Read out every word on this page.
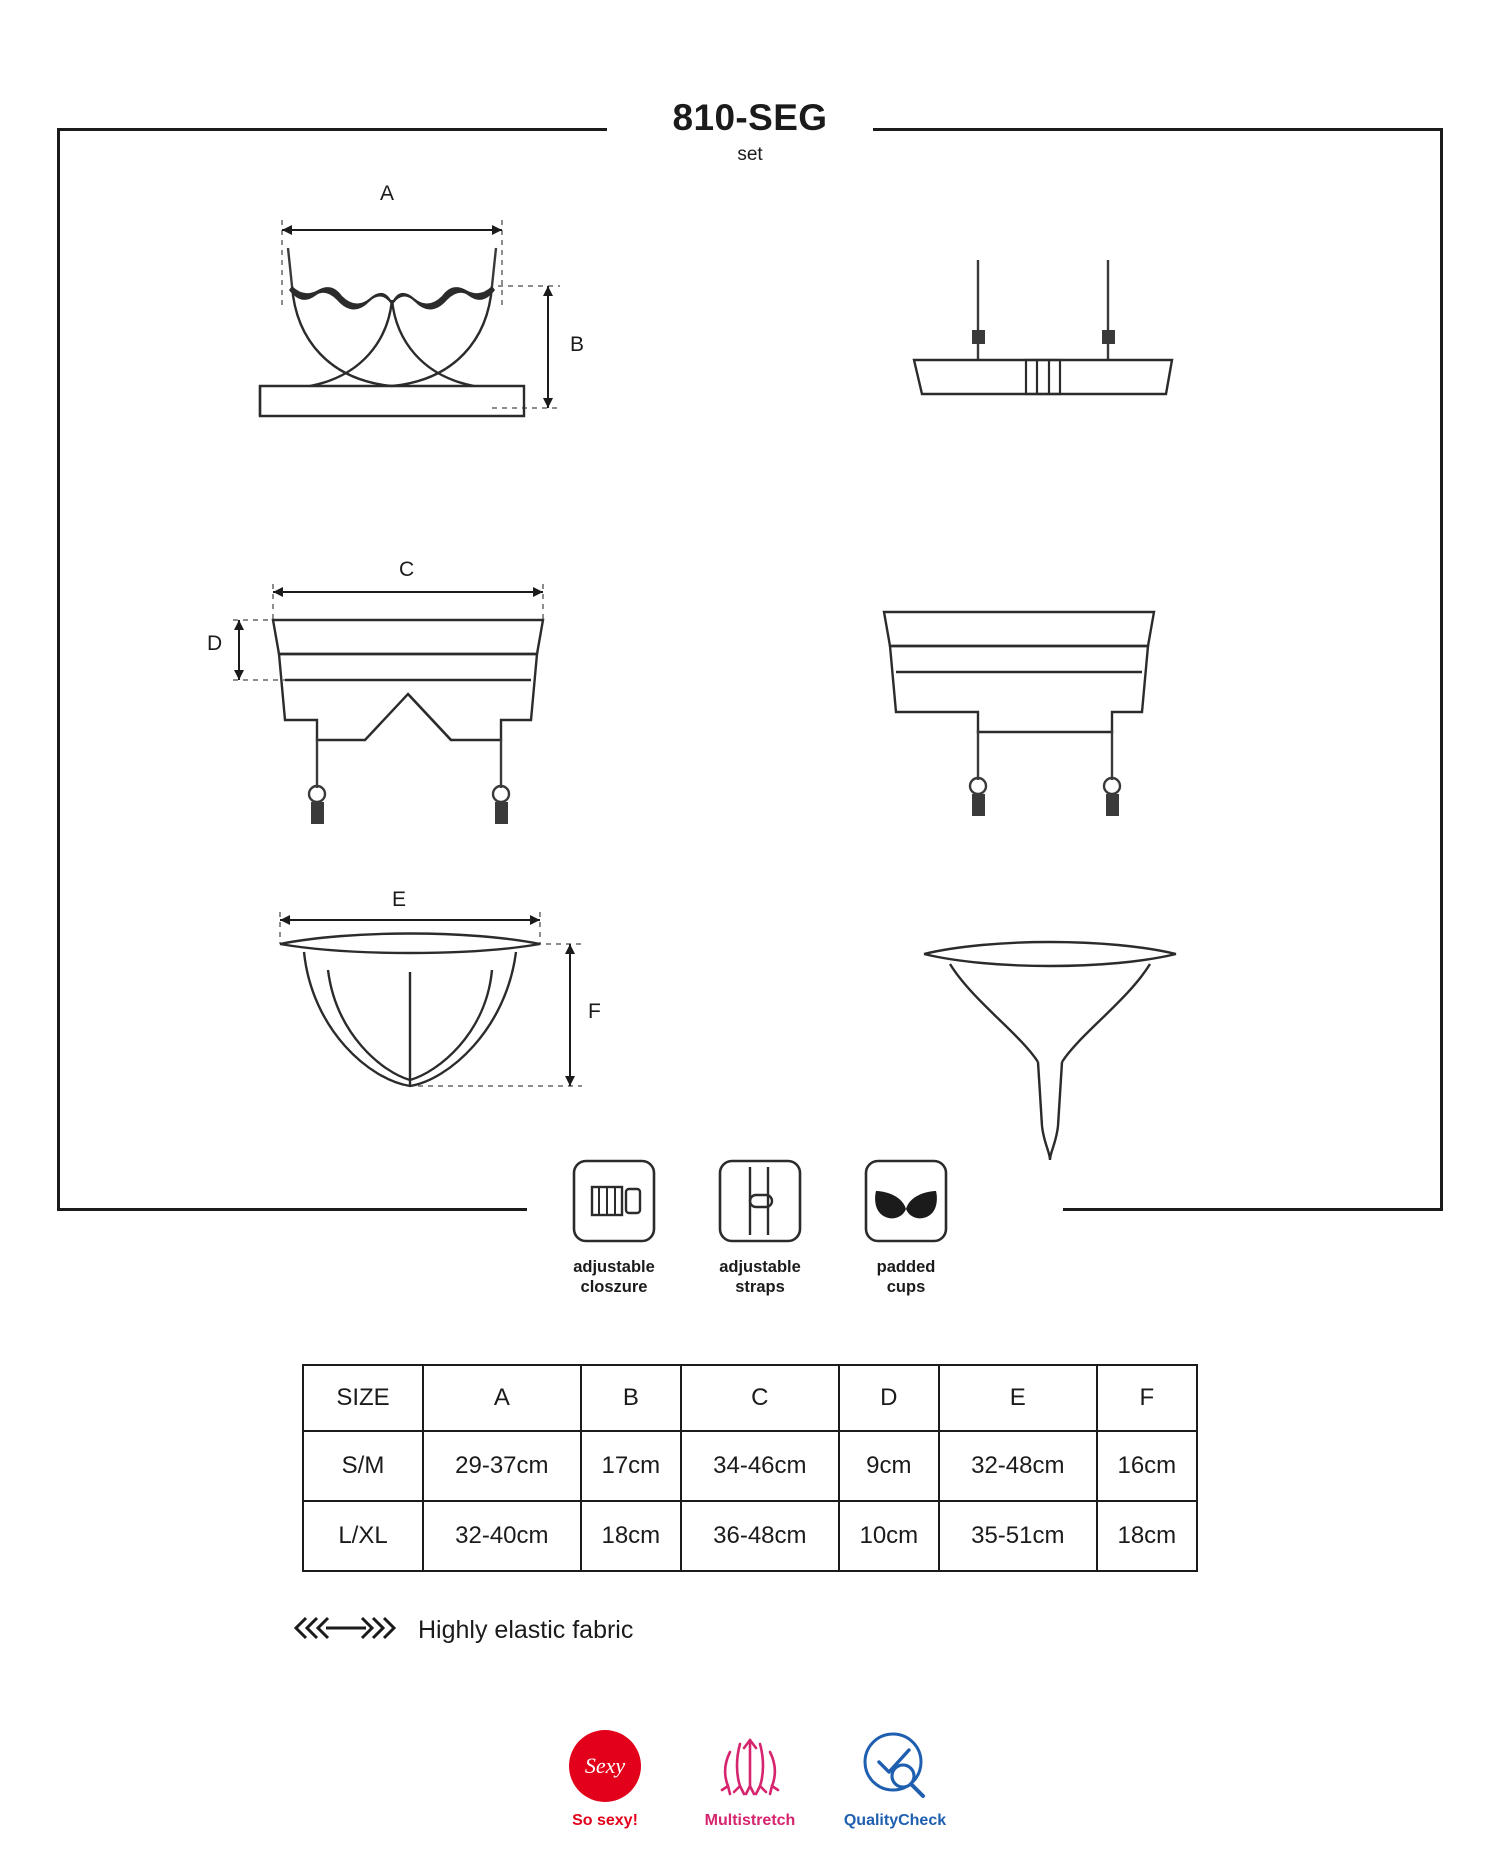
810-SEG
set
A
B
C
D
E
F
adjustable
closzure
adjustable
straps
padded
cups
SIZE	A	B	C	D	E	F
S/M	29-37cm	17cm	34-46cm	9cm	32-48cm	16cm
L/XL	32-40cm	18cm	36-48cm	10cm	35-51cm	18cm
Highly elastic fabric
Sexy
So sexy!	Multistretch	QualityCheck
